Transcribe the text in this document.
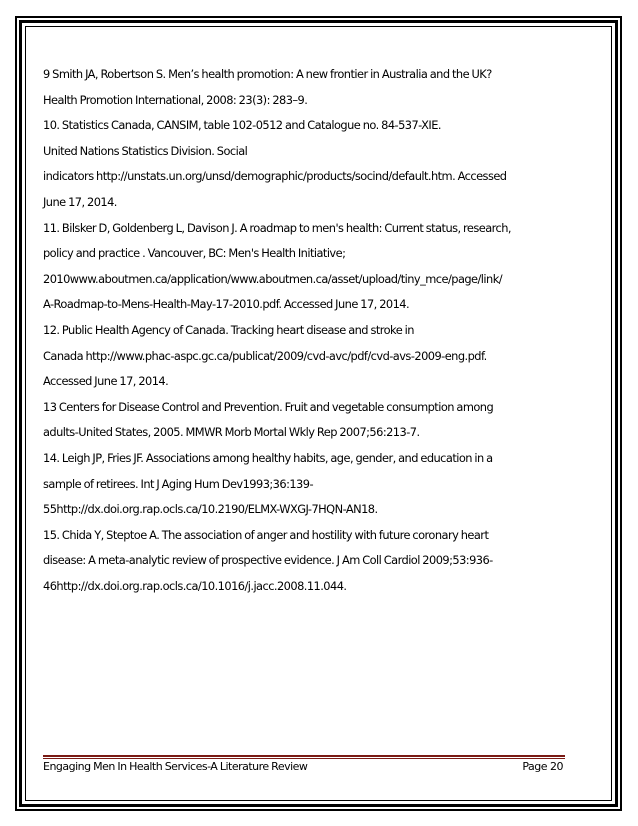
9 Smith JA, Robertson S. Men’s health promotion: A new frontier in Australia and the UK?
Health Promotion International, 2008: 23(3): 283–9.
10. Statistics Canada, CANSIM, table 102-0512 and Catalogue no. 84-537-XIE.
United Nations Statistics Division. Social
indicators http://unstats.un.org/unsd/demographic/products/socind/default.htm. Accessed
June 17, 2014.
11. Bilsker D, Goldenberg L, Davison J. A roadmap to men's health: Current status, research,
policy and practice . Vancouver, BC: Men's Health Initiative;
2010www.aboutmen.ca/application/www.aboutmen.ca/asset/upload/tiny_mce/page/link/
A-Roadmap-to-Mens-Health-May-17-2010.pdf. Accessed June 17, 2014.
12. Public Health Agency of Canada. Tracking heart disease and stroke in
Canada http://www.phac-aspc.gc.ca/publicat/2009/cvd-avc/pdf/cvd-avs-2009-eng.pdf.
Accessed June 17, 2014.
13 Centers for Disease Control and Prevention. Fruit and vegetable consumption among
adults-United States, 2005. MMWR Morb Mortal Wkly Rep 2007;56:213-7.
14. Leigh JP, Fries JF. Associations among healthy habits, age, gender, and education in a
sample of retirees. Int J Aging Hum Dev1993;36:139-
55http://dx.doi.org.rap.ocls.ca/10.2190/ELMX-WXGJ-7HQN-AN18.
15. Chida Y, Steptoe A. The association of anger and hostility with future coronary heart
disease: A meta-analytic review of prospective evidence. J Am Coll Cardiol 2009;53:936-
46http://dx.doi.org.rap.ocls.ca/10.1016/j.jacc.2008.11.044.
Engaging Men In Health Services-A Literature Review	Page 20
